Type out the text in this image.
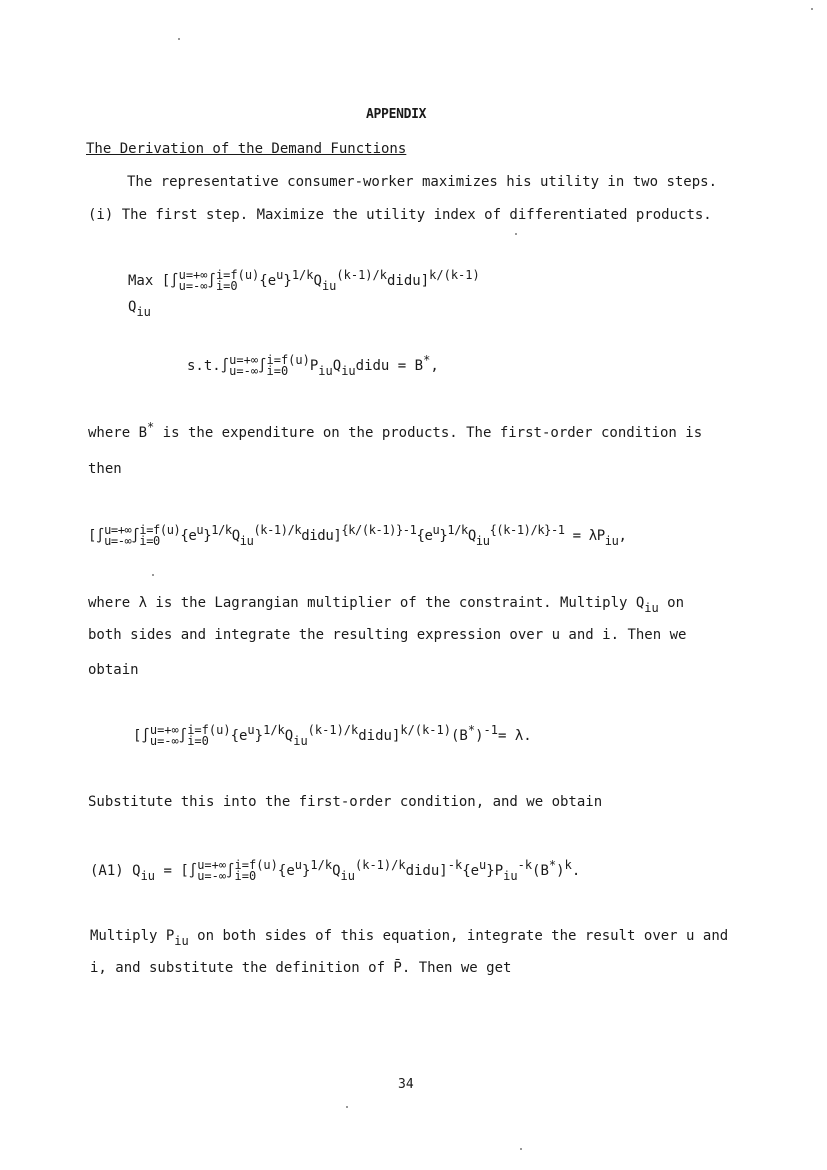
APPENDIX
The Derivation of the Demand Functions
The representative consumer-worker maximizes his utility in two steps.
(i) The first step. Maximize the utility index of differentiated products.
Max [∫ u=+∞
u=-∞ ∫ i=f(u)
i=0	{eu}1/kQiu(k-1)/kdidu]k/(k-1)
Qiu
s.t.∫ u=+∞
u=-∞ ∫ i=f(u)
i=0	PiuQiudidu = B*,
where B* is the expenditure on the products. The first-order condition is
then
[∫ u=+∞
u=-∞ ∫ i=f(u)
i=0	{eu}1/kQiu(k-1)/kdidu]{k/(k-1)}-1{eu}1/kQiu{(k-1)/k}-1 = λPiu,
where λ is the Lagrangian multiplier of the constraint. Multiply Qiu on
both sides and integrate the resulting expression over u and i. Then we
obtain
[∫ u=+∞
u=-∞ ∫ i=f(u)
i=0	{eu}1/kQiu(k-1)/kdidu]k/(k-1)(B*)-1= λ.
Substitute this into the first-order condition, and we obtain
(A1) Qiu = [∫ u=+∞
u=-∞ ∫ i=f(u)
i=0	{eu}1/kQiu(k-1)/kdidu]-k{eu}Piu-k(B*)k.
Multiply Piu on both sides of this equation, integrate the result over u and
i, and substitute the definition of P̄. Then we get
34
